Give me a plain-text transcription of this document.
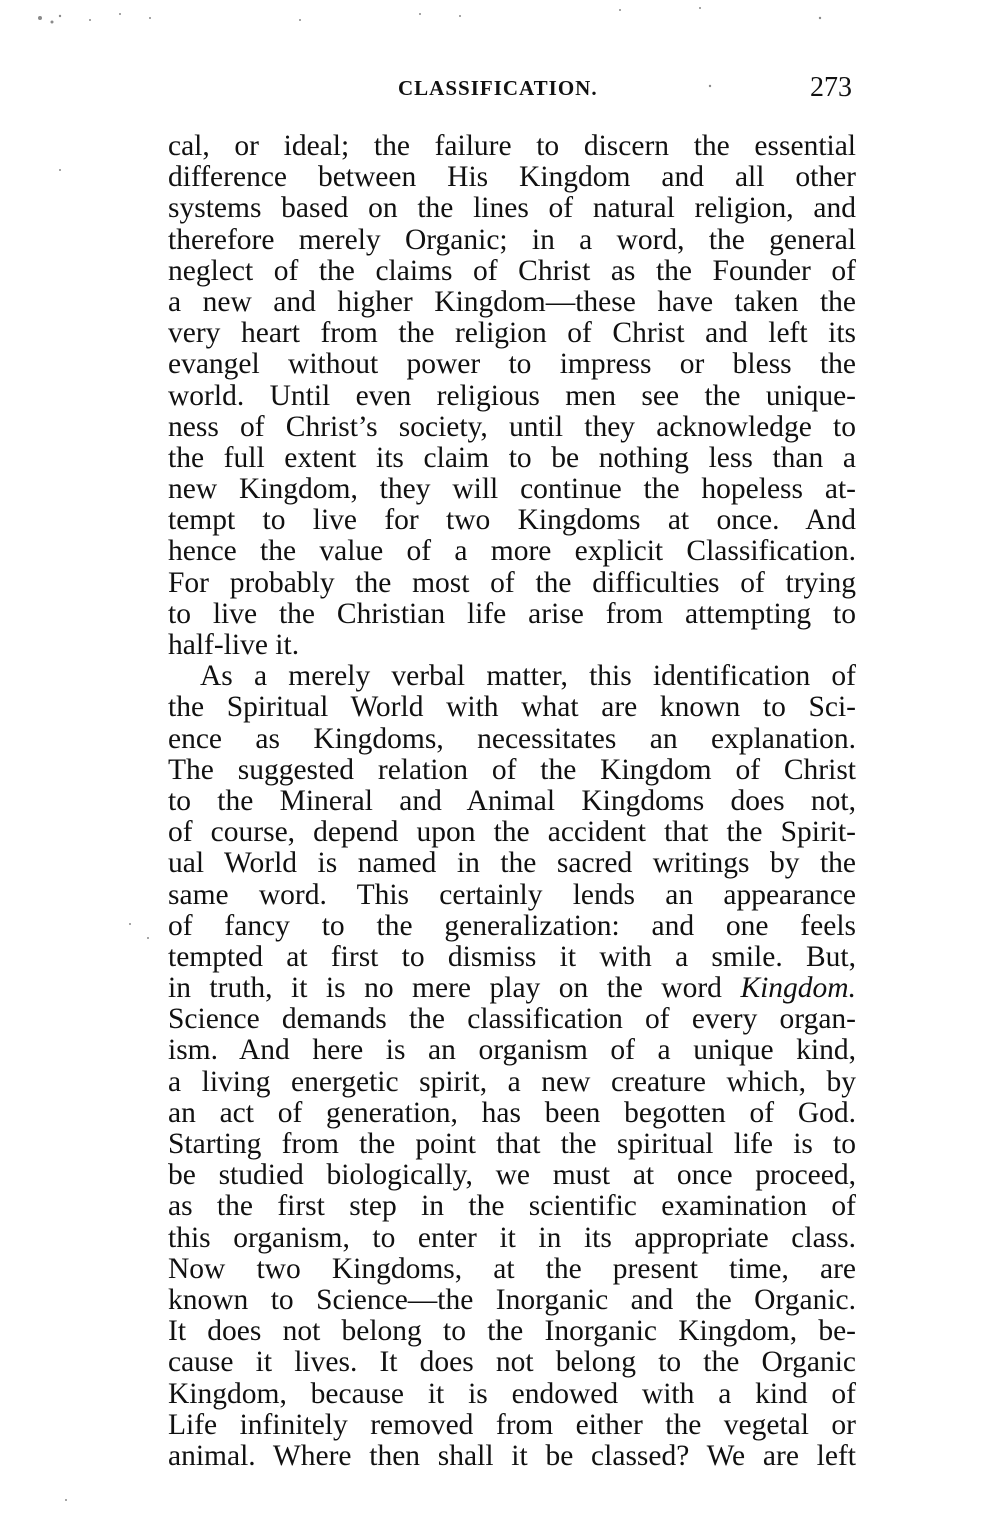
CLASSIFICATION.	273
cal, or ideal; the failure to discern the essential
difference between His Kingdom and all other
systems based on the lines of natural religion, and
therefore merely Organic; in a word, the general
neglect of the claims of Christ as the Founder of
a new and higher Kingdom—these have taken the
very heart from the religion of Christ and left its
evangel without power to impress or bless the
world. Until even religious men see the unique-
ness of Christ’s society, until they acknowledge to
the full extent its claim to be nothing less than a
new Kingdom, they will continue the hopeless at-
tempt to live for two Kingdoms at once. And
hence the value of a more explicit Classification.
For probably the most of the difficulties of trying
to live the Christian life arise from attempting to
half-live it.
As a merely verbal matter, this identification of
the Spiritual World with what are known to Sci-
ence as Kingdoms, necessitates an explanation.
The suggested relation of the Kingdom of Christ
to the Mineral and Animal Kingdoms does not,
of course, depend upon the accident that the Spirit-
ual World is named in the sacred writings by the
same word. This certainly lends an appearance
of fancy to the generalization: and one feels
tempted at first to dismiss it with a smile. But,
in truth, it is no mere play on the word Kingdom.
Science demands the classification of every organ-
ism. And here is an organism of a unique kind,
a living energetic spirit, a new creature which, by
an act of generation, has been begotten of God.
Starting from the point that the spiritual life is to
be studied biologically, we must at once proceed,
as the first step in the scientific examination of
this organism, to enter it in its appropriate class.
Now two Kingdoms, at the present time, are
known to Science—the Inorganic and the Organic.
It does not belong to the Inorganic Kingdom, be-
cause it lives. It does not belong to the Organic
Kingdom, because it is endowed with a kind of
Life infinitely removed from either the vegetal or
animal. Where then shall it be classed? We are left
